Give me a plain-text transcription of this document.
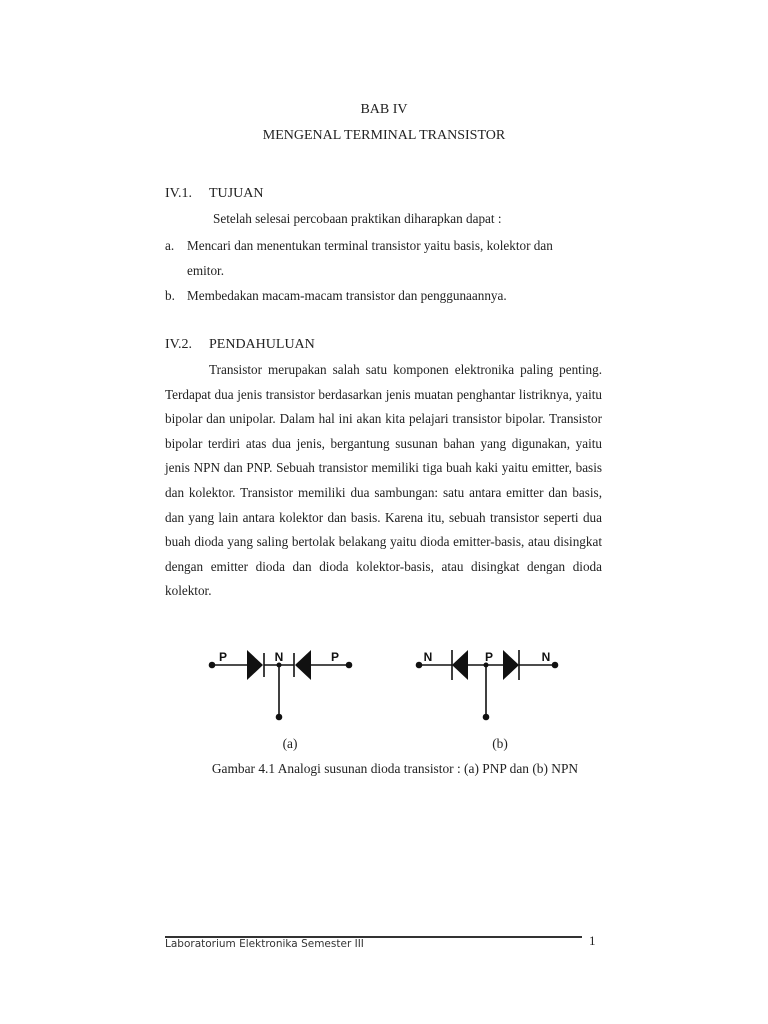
BAB IV
MENGENAL TERMINAL TRANSISTOR
IV.1. TUJUAN
Setelah selesai percobaan praktikan diharapkan dapat :
a. Mencari dan menentukan terminal transistor yaitu basis, kolektor dan
emitor.
b. Membedakan macam-macam transistor dan penggunaannya.
IV.2. PENDAHULUAN
Transistor merupakan salah satu komponen elektronika paling penting. Terdapat dua jenis transistor berdasarkan jenis muatan penghantar listriknya, yaitu bipolar dan unipolar. Dalam hal ini akan kita pelajari transistor bipolar. Transistor bipolar terdiri atas dua jenis, bergantung susunan bahan yang digunakan, yaitu jenis NPN dan PNP. Sebuah transistor memiliki tiga buah kaki yaitu emitter, basis dan kolektor. Transistor memiliki dua sambungan: satu antara emitter dan basis, dan yang lain antara kolektor dan basis. Karena itu, sebuah transistor seperti dua buah dioda yang saling bertolak belakang yaitu dioda emitter-basis, atau disingkat dengan emitter dioda dan dioda kolektor-basis, atau disingkat dengan dioda kolektor.
P	N	P	N	P	N
(a)	(b)
Gambar 4.1 Analogi susunan dioda transistor : (a) PNP dan (b) NPN
Laboratorium Elektronika Semester III	1
